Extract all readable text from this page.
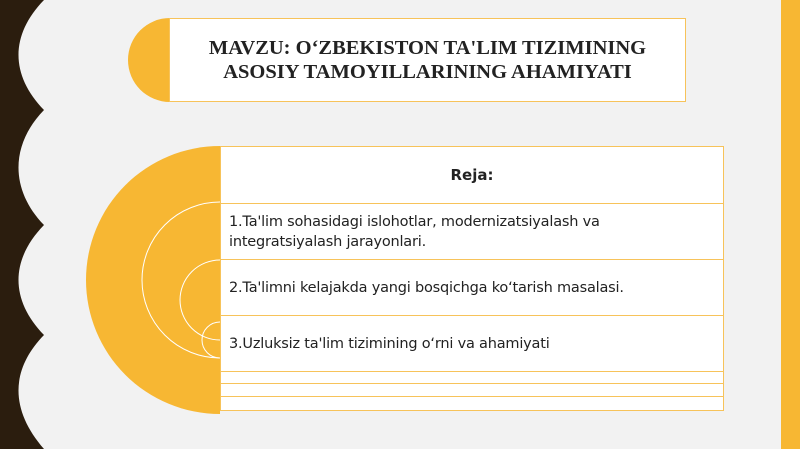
MAVZU: O‘ZBEKISTON TA'LIM TIZIMINING ASOSIY TAMOYILLARINING AHAMIYATI
Reja:
1.Ta'lim sohasidagi islohotlar, modernizatsiyalash va integratsiyalash jarayonlari.
2.Ta'limni kelajakda yangi bosqichga ko‘tarish masalasi.
3.Uzluksiz ta'lim tizimining o‘rni va ahamiyati
